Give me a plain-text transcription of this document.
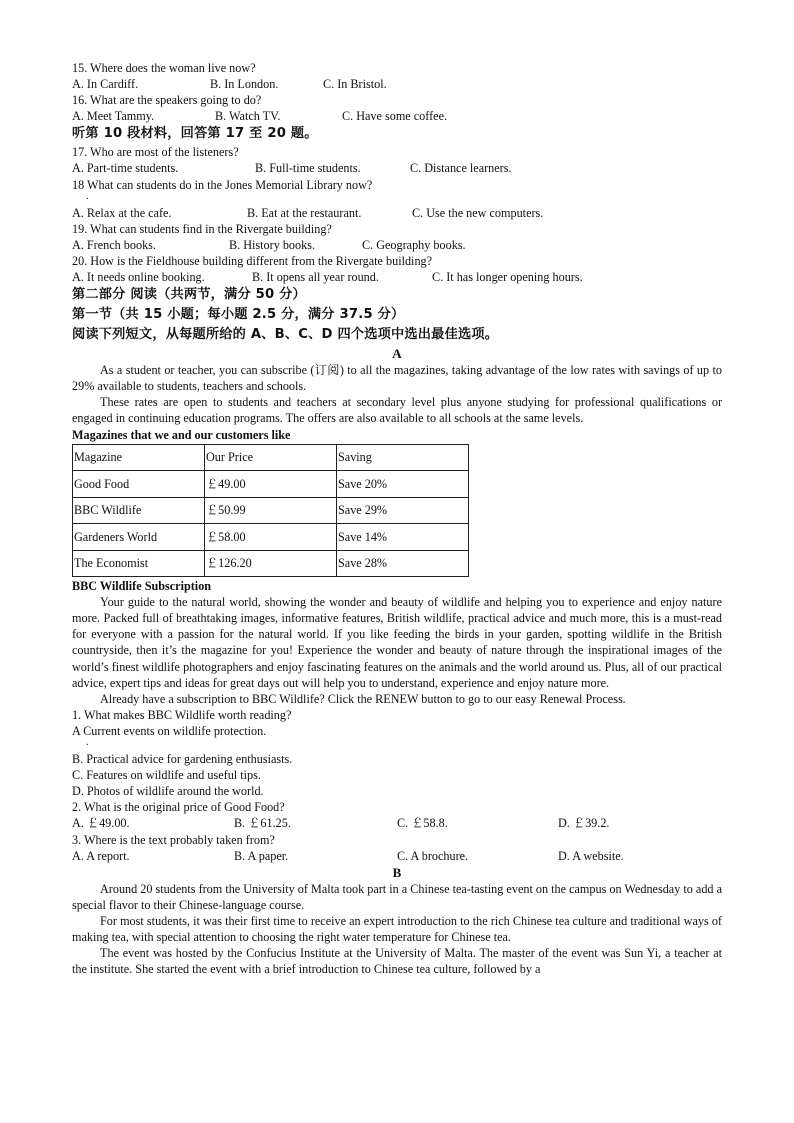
15. Where does the woman live now?
A. In Cardiff.	B. In London.	C. In Bristol.
16. What are the speakers going to do?
A. Meet Tammy.	B. Watch TV.	C. Have some coffee.
听第 10 段材料，回答第 17 至 20 题。
17. Who are most of the listeners?
A. Part-time students.	B. Full-time students.	C. Distance learners.
18 What can students do in the Jones Memorial Library now?
.
A. Relax at the cafe.	B. Eat at the restaurant.	C. Use the new computers.
19. What can students find in the Rivergate building?
A. French books.	B. History books.	C. Geography books.
20. How is the Fieldhouse building different from the Rivergate building?
A. It needs online booking.	B. It opens all year round.	C. It has longer opening hours.
第二部分 阅读（共两节，满分 50 分）
第一节（共 15 小题；每小题 2.5 分，满分 37.5 分）
阅读下列短文，从每题所给的 A、B、C、D 四个选项中选出最佳选项。
A
As a student or teacher, you can subscribe (订阅) to all the magazines, taking advantage of the low rates with savings of up to 29% available to students, teachers and schools.
These rates are open to students and teachers at secondary level plus anyone studying for professional qualifications or engaged in continuing education programs. The offers are also available to all schools at the same levels.
Magazines that we and our customers like
Magazine	Our Price	Saving
Good Food	￡49.00	Save 20%
BBC Wildlife	￡50.99	Save 29%
Gardeners World	￡58.00	Save 14%
The Economist	￡126.20	Save 28%
BBC Wildlife Subscription
Your guide to the natural world, showing the wonder and beauty of wildlife and helping you to experience and enjoy nature more. Packed full of breathtaking images, informative features, British wildlife, practical advice and much more, this is a must-read for everyone with a passion for the natural world. If you like feeding the birds in your garden, spotting wildlife in the British countryside, then it’s the magazine for you! Experience the wonder and beauty of nature through the inspirational images of the world’s finest wildlife photographers and enjoy fascinating features on the animals and the world around us. Plus, all of our practical advice, expert tips and ideas for great days out will help you to understand, experience and enjoy nature more.
Already have a subscription to BBC Wildlife? Click the RENEW button to go to our easy Renewal Process.
1. What makes BBC Wildlife worth reading?
A Current events on wildlife protection.
.
B. Practical advice for gardening enthusiasts.
C. Features on wildlife and useful tips.
D. Photos of wildlife around the world.
2. What is the original price of Good Food?
A. ￡49.00.	B. ￡61.25.	C. ￡58.8.	D. ￡39.2.
3. Where is the text probably taken from?
A. A report.	B. A paper.	C. A brochure.	D. A website.
B
Around 20 students from the University of Malta took part in a Chinese tea-tasting event on the campus on Wednesday to add a special flavor to their Chinese-language course.
For most students, it was their first time to receive an expert introduction to the rich Chinese tea culture and traditional ways of making tea, with special attention to choosing the right water temperature for Chinese tea.
The event was hosted by the Confucius Institute at the University of Malta. The master of the event was Sun Yi, a teacher at the institute. She started the event with a brief introduction to Chinese tea culture, followed by a
